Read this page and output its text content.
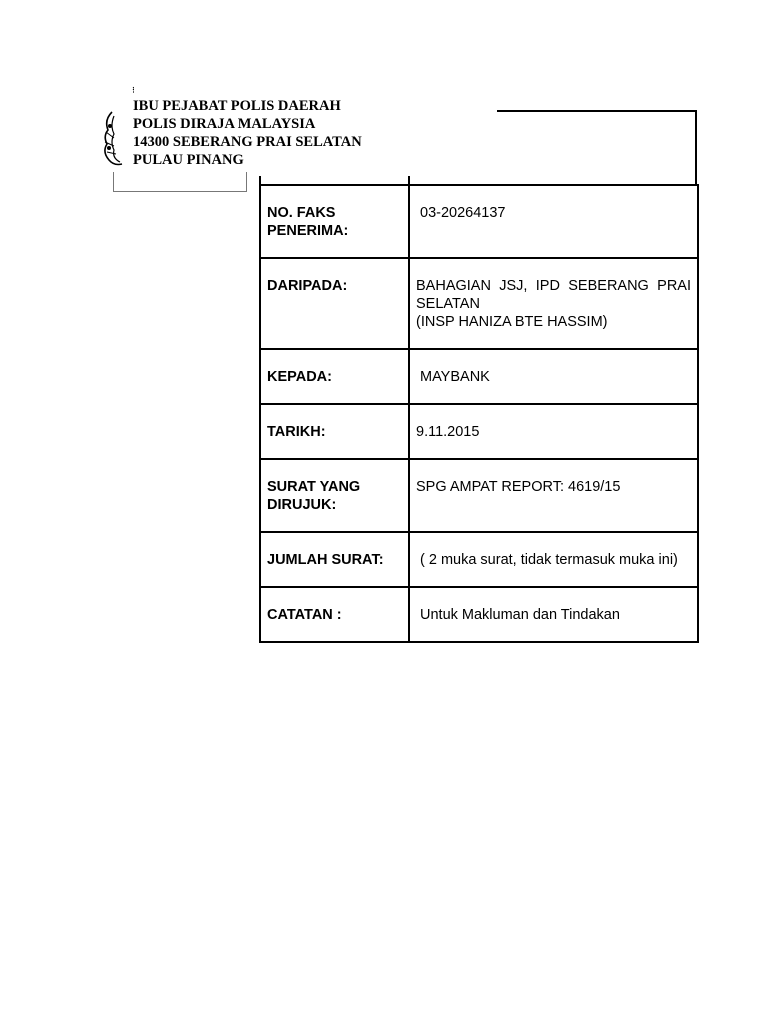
IBU PEJABAT POLIS DAERAH
POLIS DIRAJA MALAYSIA
14300 SEBERANG PRAI SELATAN
PULAU PINANG
NO. FAKS
PENERIMA:	03-20264137
DARIPADA:	BAHAGIAN JSJ, IPD SEBERANG PRAI SELATAN
(INSP HANIZA BTE HASSIM)

KEPADA:	MAYBANK
TARIKH:	9.11.2015

SURAT YANG
DIRUJUK:	SPG AMPAT REPORT: 4619/15
JUMLAH SURAT:	( 2 muka surat, tidak termasuk muka ini)
CATATAN :	Untuk Makluman dan Tindakan
